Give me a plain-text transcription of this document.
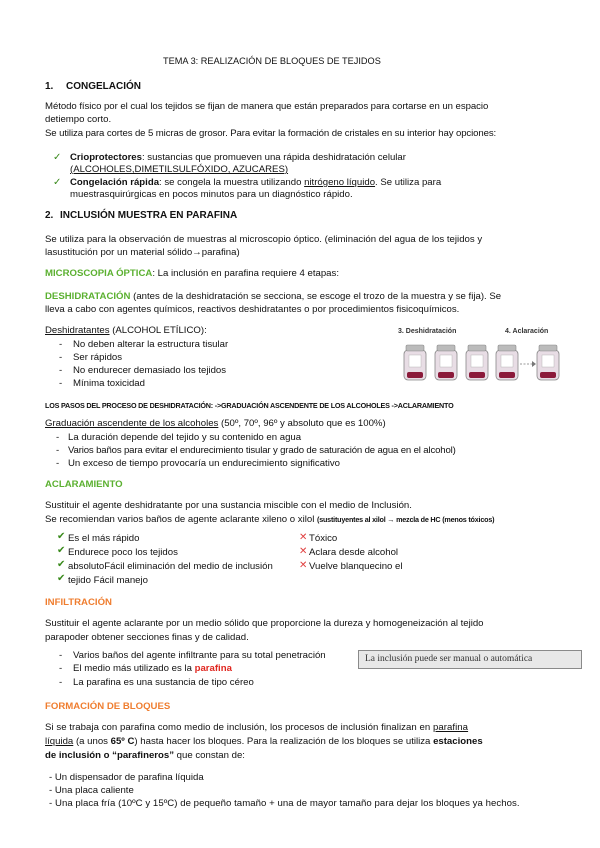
TEMA 3: REALIZACIÓN DE BLOQUES DE TEJIDOS
1. CONGELACIÓN
Método físico por el cual los tejidos se fijan de manera que están preparados para cortarse en un espacio
detiempo corto.
Se utiliza para cortes de 5 micras de grosor. Para evitar la formación de cristales en su interior hay opciones:
✓ Crioprotectores: sustancias que promueven una rápida deshidratación celular
(ALCOHOLES,DIMETILSULFÓXIDO, AZUCARES)
✓ Congelación rápida: se congela la muestra utilizando nitrógeno líquido. Se utiliza para
muestrasquirúrgicas en pocos minutos para un diagnóstico rápido.
2. INCLUSIÓN MUESTRA EN PARAFINA
Se utiliza para la observación de muestras al microscopio óptico. (eliminación del agua de los tejidos y
lasustitución por un material sólido→parafina)
MICROSCOPIA ÓPTICA: La inclusión en parafina requiere 4 etapas:
DESHIDRATACIÓN (antes de la deshidratación se secciona, se escoge el trozo de la muestra y se fija). Se
lleva a cabo con agentes químicos, reactivos deshidratantes o por procedimientos fisicoquímicos.
Deshidratantes (ALCOHOL ETÍLICO):
- No deben alterar la estructura tisular
- Ser rápidos
- No endurecer demasiado los tejidos
- Mínima toxicidad
3. Deshidratación	4. Aclaración
LOS PASOS DEL PROCESO DE DESHIDRATACIÓN: ->GRADUACIÓN ASCENDENTE DE LOS ALCOHOLES ->ACLARAMIENTO
Graduación ascendente de los alcoholes (50º, 70º, 96º y absoluto que es 100%)
- La duración depende del tejido y su contenido en agua
- Varios baños para evitar el endurecimiento tisular y grado de saturación de agua en el alcohol)
- Un exceso de tiempo provocaría un endurecimiento significativo
ACLARAMIENTO
Sustituir el agente deshidratante por una sustancia miscible con el medio de Inclusión.
Se recomiendan varios baños de agente aclarante xileno o xilol (sustituyentes al xilol → mezcla de HC (menos tóxicos)
✔ Es el más rápido
✔ Endurece poco los tejidos
✔ absolutoFácil eliminación del medio de inclusión
✔ tejido Fácil manejo
✕ Tóxico
✕ Aclara desde alcohol
✕ Vuelve blanquecino el
INFILTRACIÓN
Sustituir el agente aclarante por un medio sólido que proporcione la dureza y homogeneización al tejido
parapoder obtener secciones finas y de calidad.
- Varios baños del agente infiltrante para su total penetración
- El medio más utilizado es la parafina
- La parafina es una sustancia de tipo céreo
La inclusión puede ser manual o automática
FORMACIÓN DE BLOQUES
Si se trabaja con parafina como medio de inclusión, los procesos de inclusión finalizan en parafina
líquida (a unos 65º C) hasta hacer los bloques. Para la realización de los bloques se utiliza estaciones
de inclusión o “parafineros” que constan de:
- Un dispensador de parafina líquida
- Una placa caliente
- Una placa fría (10ºC y 15ºC) de pequeño tamaño + una de mayor tamaño para dejar los bloques ya hechos.
